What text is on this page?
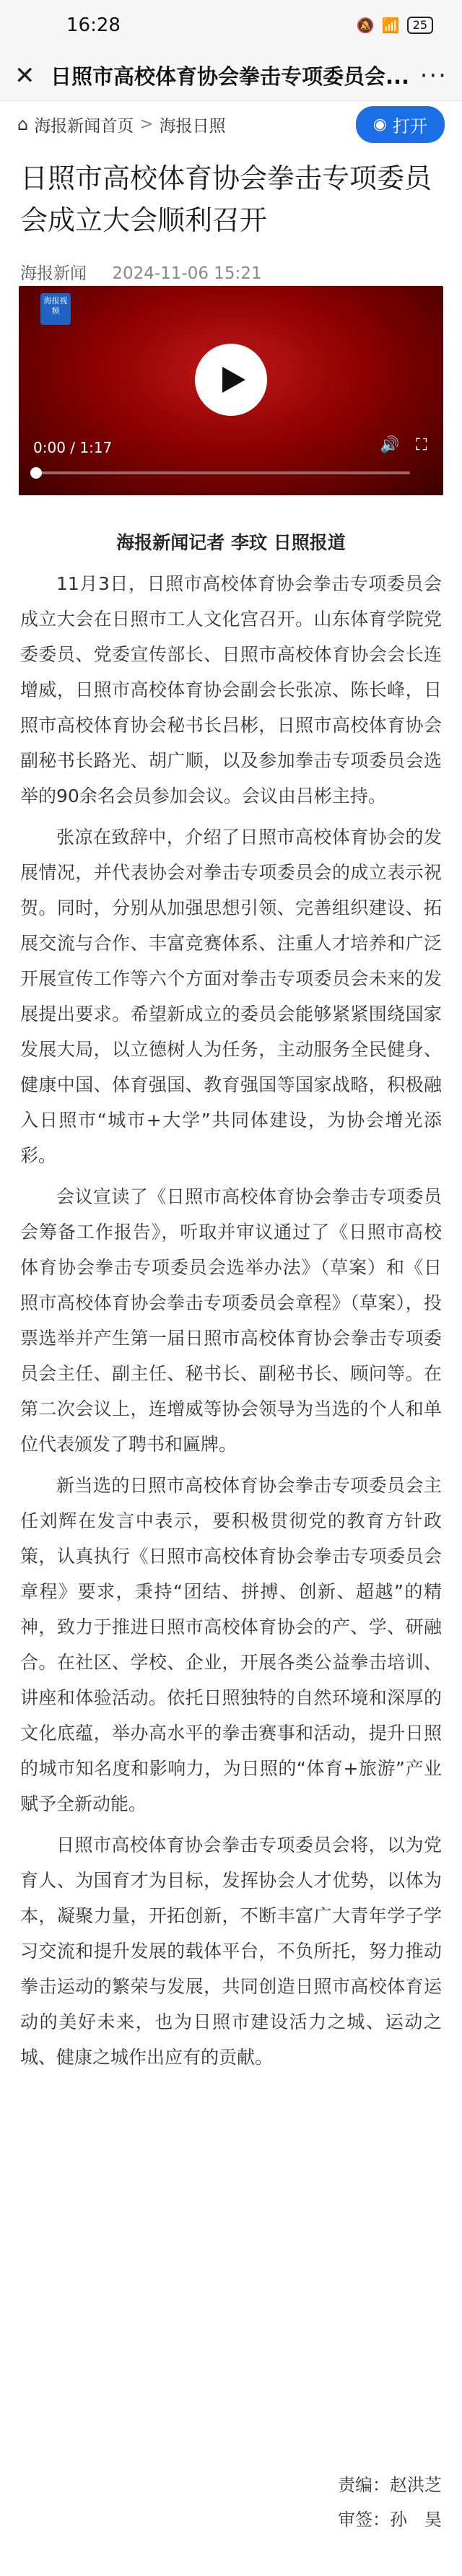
16:28	🔕 📶	25
✕ 日照市高校体育协会拳击专项委员会... ···
⌂ 海报新闻首页 > 海报日照	◉ 打开
日照市高校体育协会拳击专项委员会成立大会顺利召开
海报新闻 2024-11-06 15:21
海报视频
0:00 / 1:17	🔊 ⛶
海报新闻记者 李玟 日照报道

11月3日，日照市高校体育协会拳击专项委员会成立大会在日照市工人文化宫召开。山东体育学院党委委员、党委宣传部长、日照市高校体育协会会长连增威，日照市高校体育协会副会长张凉、陈长峰，日照市高校体育协会秘书长吕彬，日照市高校体育协会副秘书长路光、胡广顺，以及参加拳击专项委员会选举的90余名会员参加会议。会议由吕彬主持。

张凉在致辞中，介绍了日照市高校体育协会的发展情况，并代表协会对拳击专项委员会的成立表示祝贺。同时，分别从加强思想引领、完善组织建设、拓展交流与合作、丰富竞赛体系、注重人才培养和广泛开展宣传工作等六个方面对拳击专项委员会未来的发展提出要求。希望新成立的委员会能够紧紧围绕国家发展大局，以立德树人为任务，主动服务全民健身、健康中国、体育强国、教育强国等国家战略，积极融入日照市“城市+大学”共同体建设，为协会增光添彩。

会议宣读了《日照市高校体育协会拳击专项委员会筹备工作报告》，听取并审议通过了《日照市高校体育协会拳击专项委员会选举办法》（草案）和《日照市高校体育协会拳击专项委员会章程》（草案），投票选举并产生第一届日照市高校体育协会拳击专项委员会主任、副主任、秘书长、副秘书长、顾问等。在第二次会议上，连增威等协会领导为当选的个人和单位代表颁发了聘书和匾牌。

新当选的日照市高校体育协会拳击专项委员会主任刘辉在发言中表示，要积极贯彻党的教育方针政策，认真执行《日照市高校体育协会拳击专项委员会章程》要求，秉持“团结、拼搏、创新、超越”的精神，致力于推进日照市高校体育协会的产、学、研融合。在社区、学校、企业，开展各类公益拳击培训、讲座和体验活动。依托日照独特的自然环境和深厚的文化底蕴，举办高水平的拳击赛事和活动，提升日照的城市知名度和影响力，为日照的“体育+旅游”产业赋予全新动能。

日照市高校体育协会拳击专项委员会将，以为党育人、为国育才为目标，发挥协会人才优势，以体为本，凝聚力量，开拓创新，不断丰富广大青年学子学习交流和提升发展的载体平台，不负所托，努力推动拳击运动的繁荣与发展，共同创造日照市高校体育运动的美好未来，也为日照市建设活力之城、运动之城、健康之城作出应有的贡献。

责编：赵洪芝
审签：孙　昊
